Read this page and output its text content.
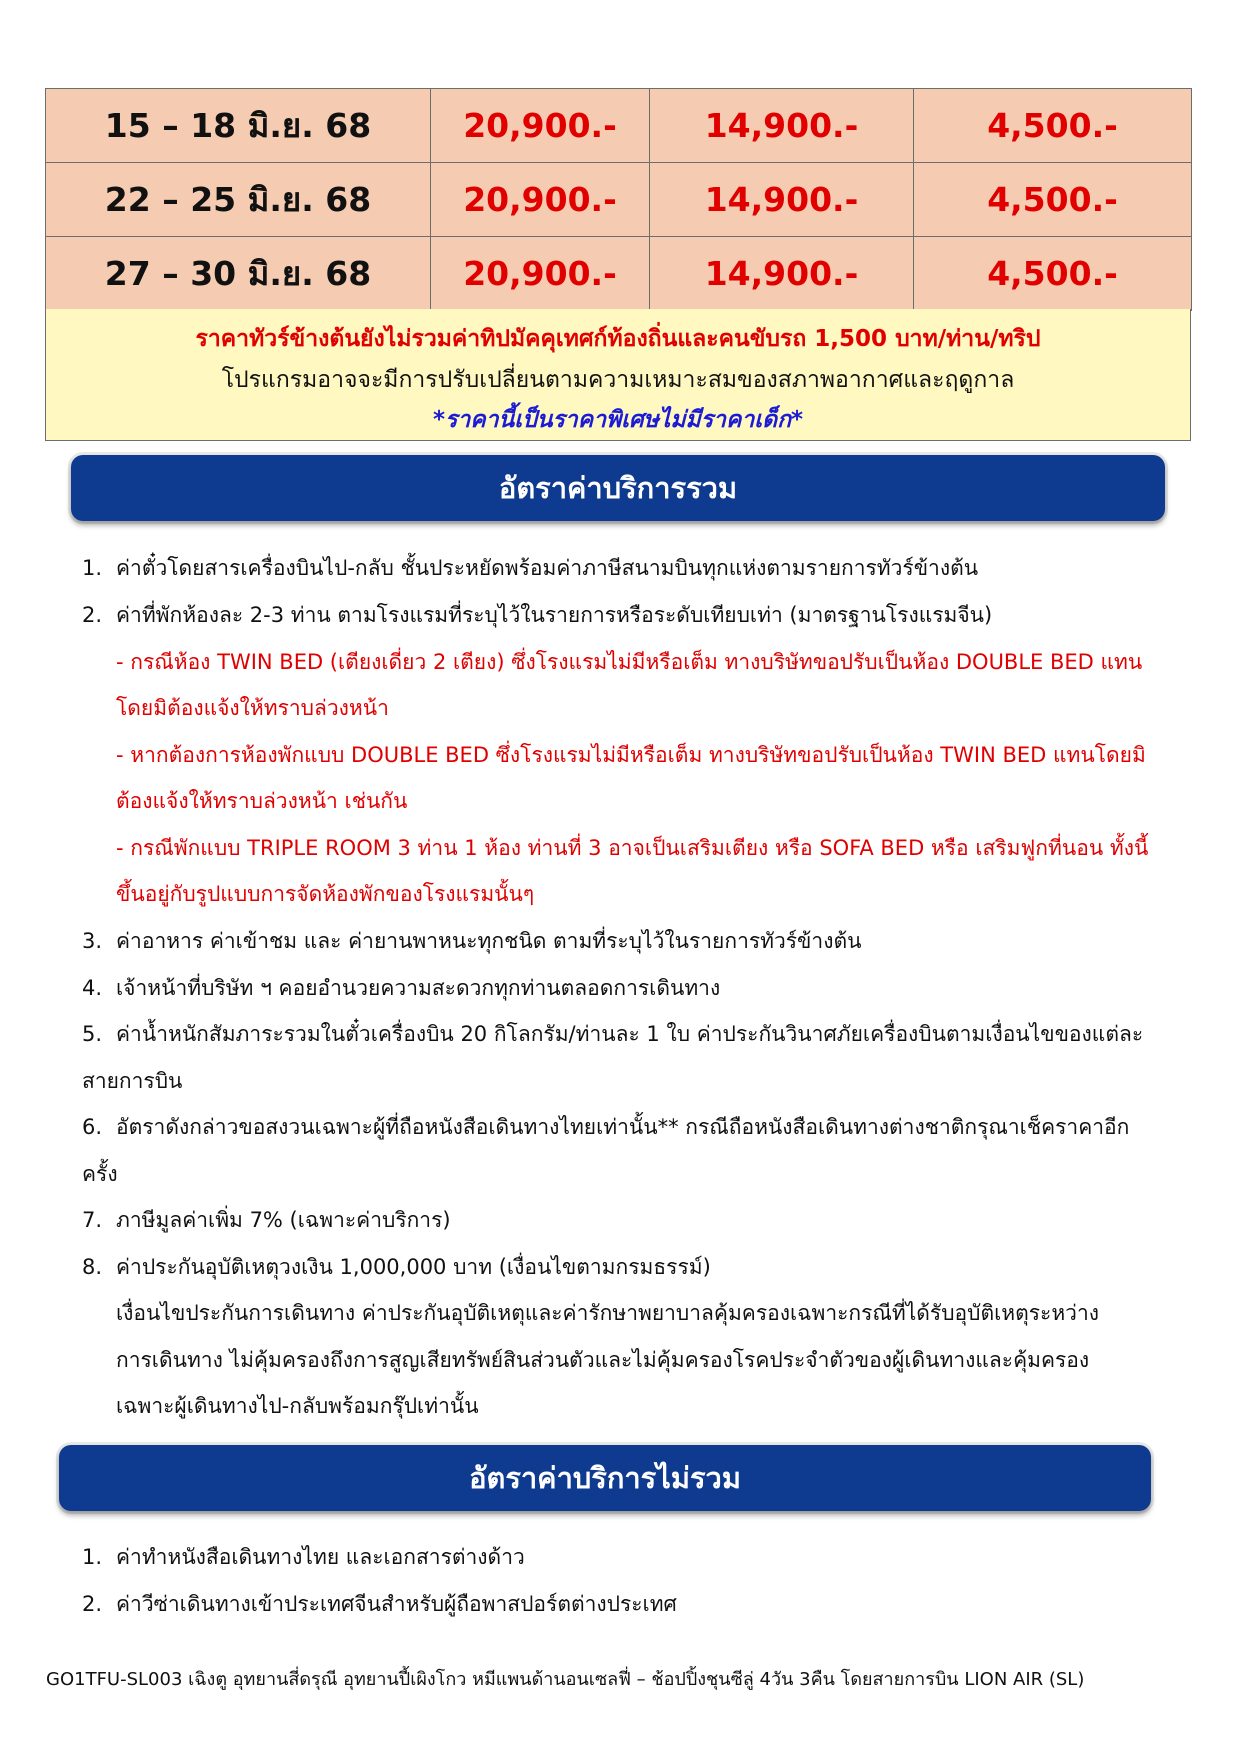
15 – 18 มิ.ย. 68	20,900.-	14,900.-	4,500.-
22 – 25 มิ.ย. 68	20,900.-	14,900.-	4,500.-
27 – 30 มิ.ย. 68	20,900.-	14,900.-	4,500.-
ราคาทัวร์ข้างต้นยังไม่รวมค่าทิปมัคคุเทศก์ท้องถิ่นและคนขับรถ 1,500 บาท/ท่าน/ทริป
โปรแกรมอาจจะมีการปรับเปลี่ยนตามความเหมาะสมของสภาพอากาศและฤดูกาล
*ราคานี้เป็นราคาพิเศษไม่มีราคาเด็ก*
อัตราค่าบริการรวม
1. ค่าตั๋วโดยสารเครื่องบินไป-กลับ ชั้นประหยัดพร้อมค่าภาษีสนามบินทุกแห่งตามรายการทัวร์ข้างต้น
2. ค่าที่พักห้องละ 2-3 ท่าน ตามโรงแรมที่ระบุไว้ในรายการหรือระดับเทียบเท่า (มาตรฐานโรงแรมจีน)
- กรณีห้อง TWIN BED (เตียงเดี่ยว 2 เตียง) ซึ่งโรงแรมไม่มีหรือเต็ม ทางบริษัทขอปรับเป็นห้อง DOUBLE BED แทน
โดยมิต้องแจ้งให้ทราบล่วงหน้า
- หากต้องการห้องพักแบบ DOUBLE BED ซึ่งโรงแรมไม่มีหรือเต็ม ทางบริษัทขอปรับเป็นห้อง TWIN BED แทนโดยมิ
ต้องแจ้งให้ทราบล่วงหน้า เช่นกัน
- กรณีพักแบบ TRIPLE ROOM 3 ท่าน 1 ห้อง ท่านที่ 3 อาจเป็นเสริมเตียง หรือ SOFA BED หรือ เสริมฟูกที่นอน ทั้งนี้
ขึ้นอยู่กับรูปแบบการจัดห้องพักของโรงแรมนั้นๆ
3. ค่าอาหาร ค่าเข้าชม และ ค่ายานพาหนะทุกชนิด ตามที่ระบุไว้ในรายการทัวร์ข้างต้น
4. เจ้าหน้าที่บริษัท ฯ คอยอำนวยความสะดวกทุกท่านตลอดการเดินทาง
5. ค่าน้ำหนักสัมภาระรวมในตั๋วเครื่องบิน 20 กิโลกรัม/ท่านละ 1 ใบ ค่าประกันวินาศภัยเครื่องบินตามเงื่อนไขของแต่ละ
สายการบิน
6. อัตราดังกล่าวขอสงวนเฉพาะผู้ที่ถือหนังสือเดินทางไทยเท่านั้น** กรณีถือหนังสือเดินทางต่างชาติกรุณาเช็คราคาอีก
ครั้ง
7. ภาษีมูลค่าเพิ่ม 7% (เฉพาะค่าบริการ)
8. ค่าประกันอุบัติเหตุวงเงิน 1,000,000 บาท (เงื่อนไขตามกรมธรรม์)
เงื่อนไขประกันการเดินทาง ค่าประกันอุบัติเหตุและค่ารักษาพยาบาลคุ้มครองเฉพาะกรณีที่ได้รับอุบัติเหตุระหว่าง
การเดินทาง ไม่คุ้มครองถึงการสูญเสียทรัพย์สินส่วนตัวและไม่คุ้มครองโรคประจำตัวของผู้เดินทางและคุ้มครอง
เฉพาะผู้เดินทางไป-กลับพร้อมกรุ๊ปเท่านั้น
อัตราค่าบริการไม่รวม
1. ค่าทำหนังสือเดินทางไทย และเอกสารต่างด้าว
2. ค่าวีซ่าเดินทางเข้าประเทศจีนสำหรับผู้ถือพาสปอร์ตต่างประเทศ
GO1TFU-SL003 เฉิงตู อุทยานสี่ดรุณี อุทยานปี้เผิงโกว หมีแพนด้านอนเซลฟี่ – ช้อปปิ้งชุนซีลู่ 4วัน 3คืน โดยสายการบิน LION AIR (SL)
